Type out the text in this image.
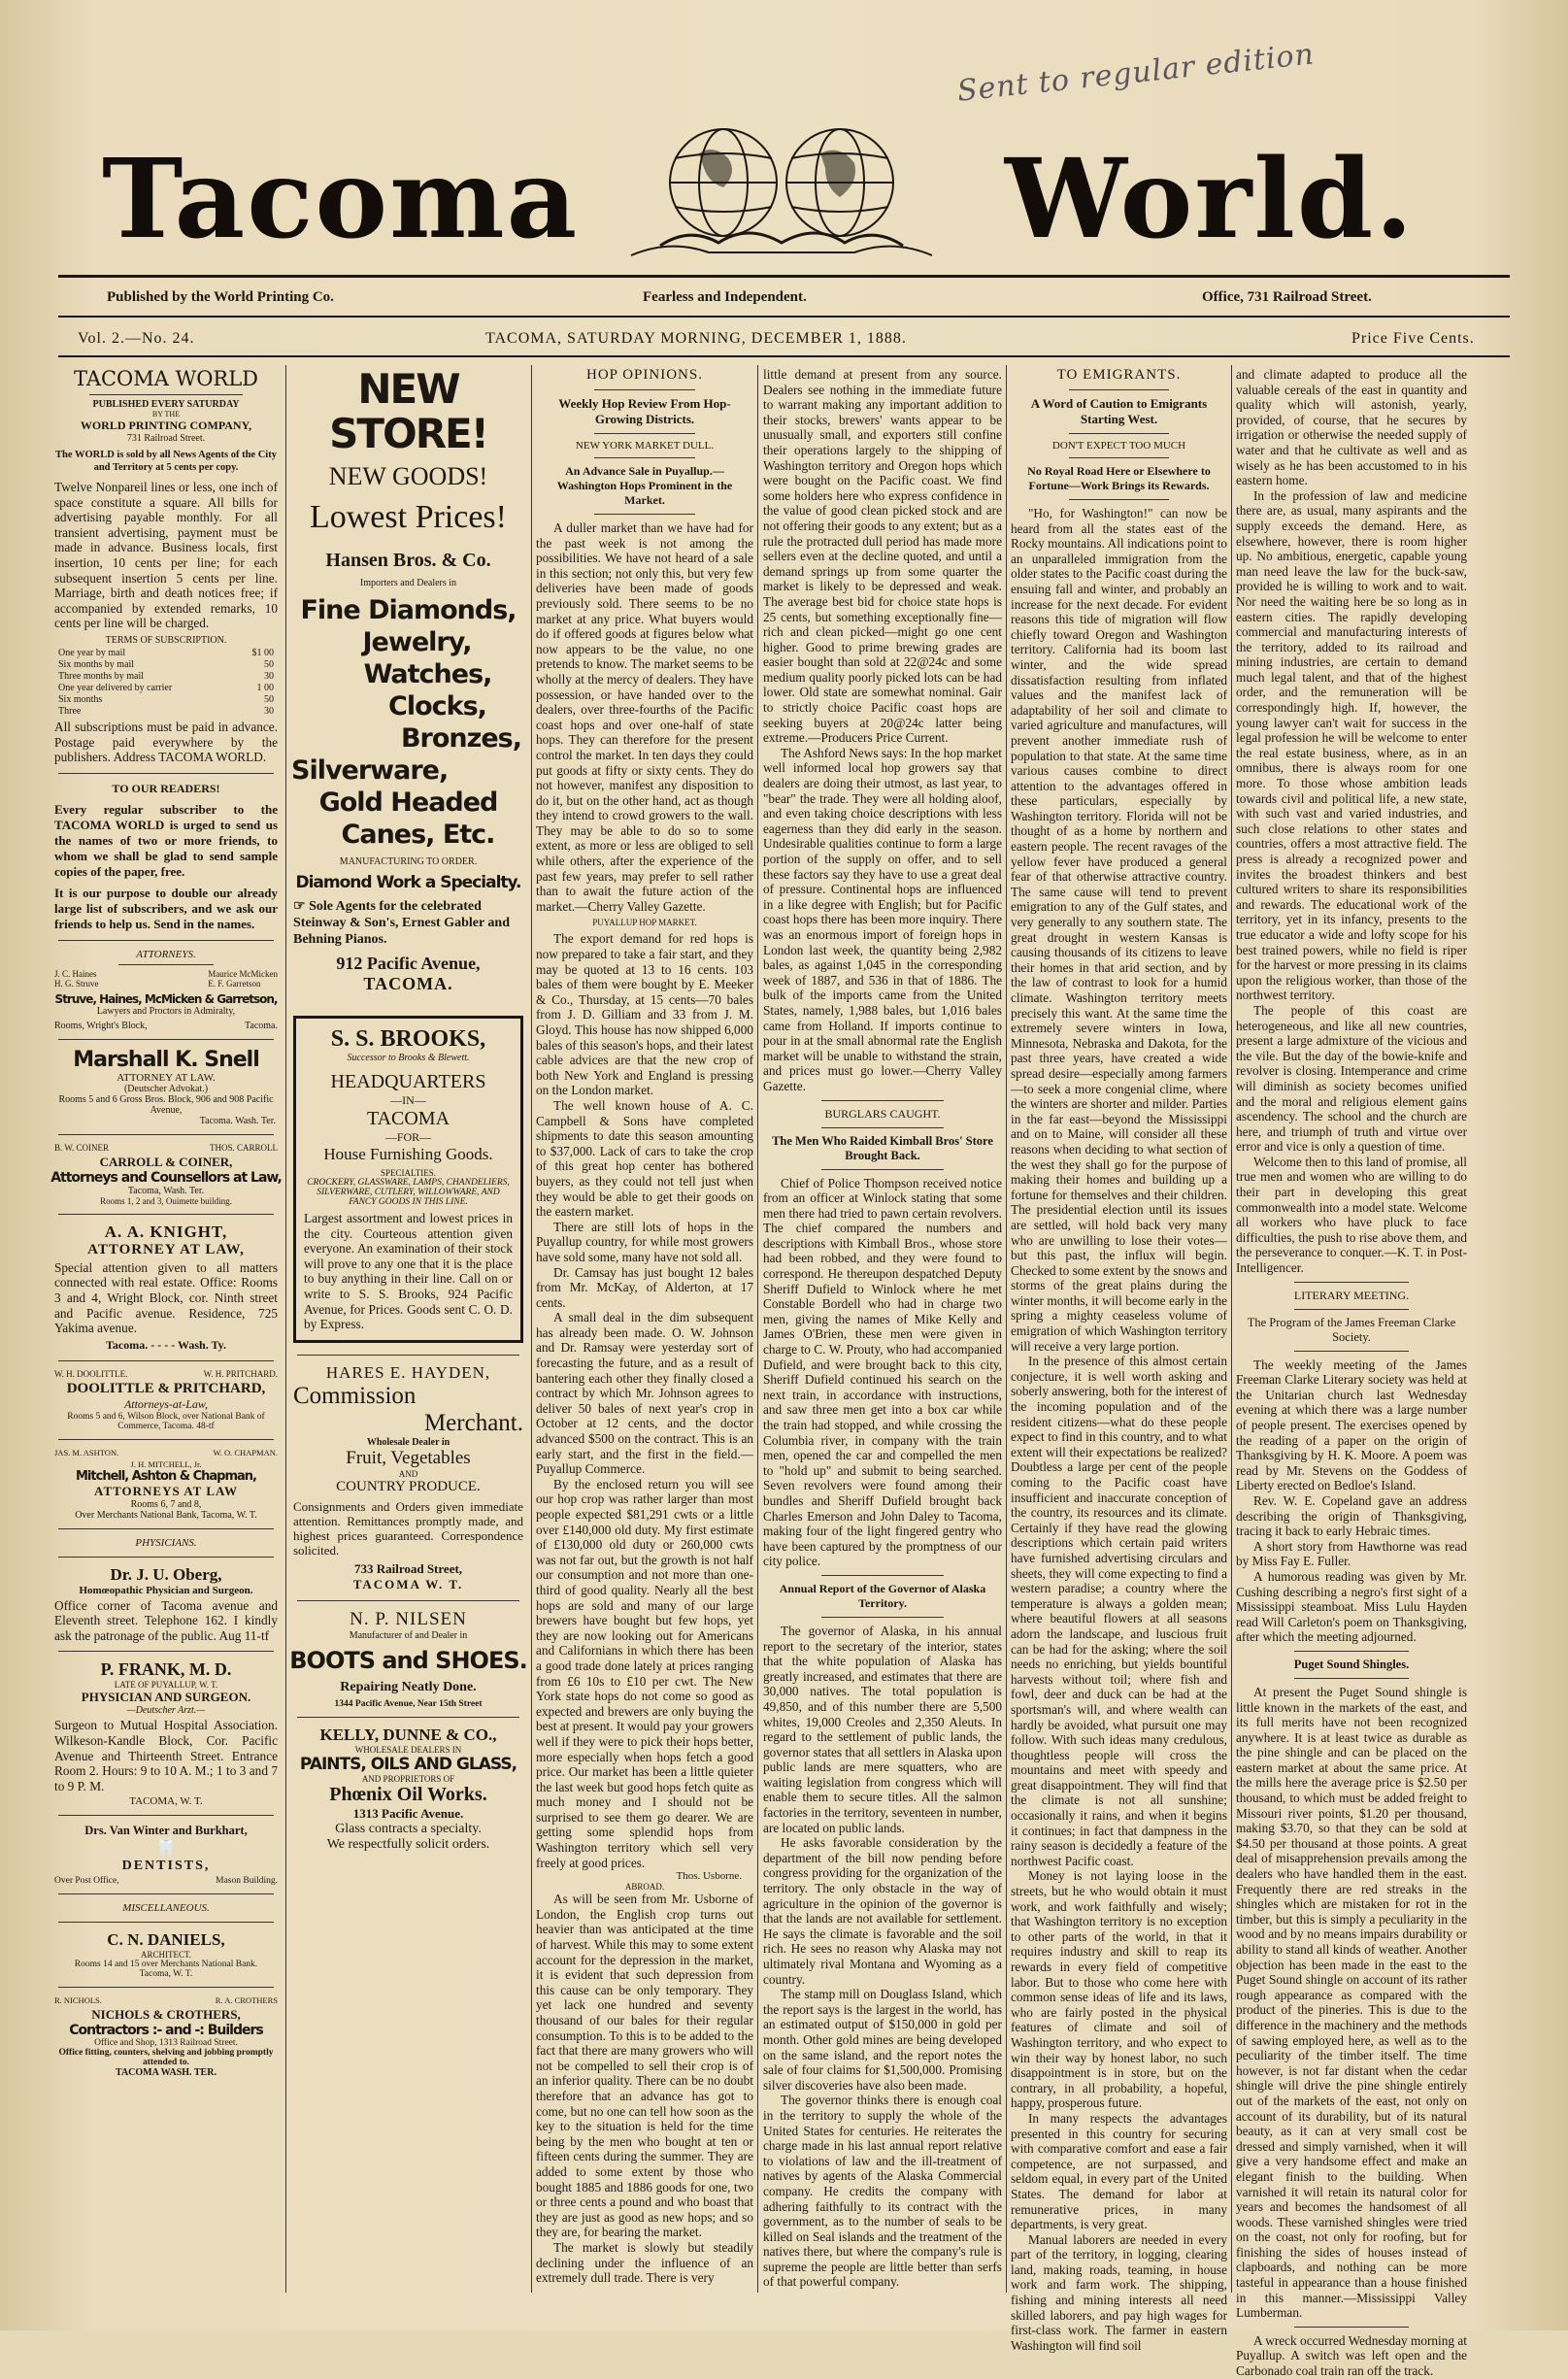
Sent to regular edition
Tacoma	World.
Published by the World Printing Co.	Fearless and Independent.	Office, 731 Railroad Street.
Vol. 2.—No. 24.	TACOMA, SATURDAY MORNING, DECEMBER 1, 1888.	Price Five Cents.
TACOMA WORLD
PUBLISHED EVERY SATURDAY
BY THE
WORLD PRINTING COMPANY,
731 Railroad Street.

The WORLD is sold by all News Agents of the City and Territory at 5 cents per copy.

Twelve Nonpareil lines or less, one inch of space constitute a square. All bills for advertising payable monthly. For all transient advertising, payment must be made in advance. Business locals, first insertion, 10 cents per line; for each subsequent insertion 5 cents per line. Marriage, birth and death notices free; if accompanied by extended remarks, 10 cents per line will be charged.

TERMS OF SUBSCRIPTION.
One year by mail	$1 00
Six months by mail	50
Three months by mail	30
One year delivered by carrier	1 00
Six months	50
Three	30

All subscriptions must be paid in advance. Postage paid everywhere by the publishers. Address TACOMA WORLD.

TO OUR READERS!

Every regular subscriber to the TACOMA WORLD is urged to send us the names of two or more friends, to whom we shall be glad to send sample copies of the paper, free.

It is our purpose to double our already large list of subscribers, and we ask our friends to help us. Send in the names.

ATTORNEYS.
J. C. Haines
H. G. Struve
Maurice McMicken
E. F. Garretson
Struve, Haines, McMicken & Garretson,
Lawyers and Proctors in Admiralty,
Rooms, Wright's Block,	Tacoma.
Marshall K. Snell
ATTORNEY AT LAW.
(Deutscher Advokat.)
Rooms 5 and 6 Gross Bros. Block, 906 and 908 Pacific Avenue,
Tacoma. Wash. Ter.
B. W. COINER	THOS. CARROLL
CARROLL & COINER,
Attorneys and Counsellors at Law,
Tacoma, Wash. Ter.
Rooms 1, 2 and 3, Ouimette building.
A. A. KNIGHT,
ATTORNEY AT LAW,

Special attention given to all matters connected with real estate. Office: Rooms 3 and 4, Wright Block, cor. Ninth street and Pacific avenue. Residence, 725 Yakima avenue.

Tacoma. - - - - Wash. Ty.
W. H. DOOLITTLE.	W. H. PRITCHARD.
DOOLITTLE & PRITCHARD,
Attorneys-at-Law,
Rooms 5 and 6, Wilson Block, over National Bank of Commerce, Tacoma. 48-tf
JAS. M. ASHTON.	W. O. CHAPMAN.
J. H. MITCHELL, Jr.
Mitchell, Ashton & Chapman,
ATTORNEYS AT LAW
Rooms 6, 7 and 8,
Over Merchants National Bank, Tacoma, W. T.
PHYSICIANS.
Dr. J. U. Oberg,
Homœopathic Physician and Surgeon.

Office corner of Tacoma avenue and Eleventh street. Telephone 162. I kindly ask the patronage of the public. Aug 11-tf

P. FRANK, M. D.
LATE OF PUYALLUP, W. T.
PHYSICIAN AND SURGEON.
—Deutscher Arzt.—

Surgeon to Mutual Hospital Association. Wilkeson-Kandle Block, Cor. Pacific Avenue and Thirteenth Street. Entrance Room 2. Hours: 9 to 10 A. M.; 1 to 3 and 7 to 9 P. M.

TACOMA, W. T.
Drs. Van Winter and Burkhart,
🦷
DENTISTS,
Over Post Office,	Mason Building.
MISCELLANEOUS.
C. N. DANIELS,
ARCHITECT.
Rooms 14 and 15 over Merchants National Bank.
Tacoma, W. T.
R. NICHOLS.	R. A. CROTHERS
NICHOLS & CROTHERS,
Contractors :- and -: Builders
Office and Shop, 1313 Railroad Street.
Office fitting, counters, shelving and jobbing promptly attended to.
TACOMA WASH. TER.
NEW STORE!
NEW GOODS!
Lowest Prices!
Hansen Bros. & Co.
Importers and Dealers in
Fine Diamonds,
Jewelry,
Watches,
Clocks,
Bronzes,
Silverware,
Gold Headed
Canes, Etc.
MANUFACTURING TO ORDER.
Diamond Work a Specialty.

☞ Sole Agents for the celebrated Steinway & Son's, Ernest Gabler and Behning Pianos.

912 Pacific Avenue,
TACOMA.
S. S. BROOKS,
Successor to Brooks & Blewett.
HEADQUARTERS
—IN—
TACOMA
—FOR—
House Furnishing Goods.
SPECIALTIES.
CROCKERY, GLASSWARE, LAMPS, CHANDELIERS, SILVERWARE, CUTLERY, WILLOWWARE, AND FANCY GOODS IN THIS LINE.

Largest assortment and lowest prices in the city. Courteous attention given everyone. An examination of their stock will prove to any one that it is the place to buy anything in their line. Call on or write to S. S. Brooks, 924 Pacific Avenue, for Prices. Goods sent C. O. D. by Express.

HARES E. HAYDEN,
Commission
Merchant.
Wholesale Dealer in
Fruit, Vegetables
AND
COUNTRY PRODUCE.

Consignments and Orders given immediate attention. Remittances promptly made, and highest prices guaranteed. Correspondence solicited.

733 Railroad Street,
TACOMA W. T.
N. P. NILSEN
Manufacturer of and Dealer in
BOOTS and SHOES.
Repairing Neatly Done.
1344 Pacific Avenue, Near 15th Street
KELLY, DUNNE & CO.,
WHOLESALE DEALERS IN
PAINTS, OILS AND GLASS,
AND PROPRIETORS OF
Phœnix Oil Works.
1313 Pacific Avenue.
Glass contracts a specialty.
We respectfully solicit orders.
HOP OPINIONS.
Weekly Hop Review From Hop-Growing Districts.
NEW YORK MARKET DULL.
An Advance Sale in Puyallup.—Washington Hops Prominent in the Market.

A duller market than we have had for the past week is not among the possibilities. We have not heard of a sale in this section; not only this, but very few deliveries have been made of goods previously sold. There seems to be no market at any price. What buyers would do if offered goods at figures below what now appears to be the value, no one pretends to know. The market seems to be wholly at the mercy of dealers. They have possession, or have handed over to the dealers, over three-fourths of the Pacific coast hops and over one-half of state hops. They can therefore for the present control the market. In ten days they could put goods at fifty or sixty cents. They do not however, manifest any disposition to do it, but on the other hand, act as though they intend to crowd growers to the wall. They may be able to do so to some extent, as more or less are obliged to sell while others, after the experience of the past few years, may prefer to sell rather than to await the future action of the market.—Cherry Valley Gazette.

PUYALLUP HOP MARKET.

The export demand for red hops is now prepared to take a fair start, and they may be quoted at 13 to 16 cents. 103 bales of them were bought by E. Meeker & Co., Thursday, at 15 cents—70 bales from J. D. Gilliam and 33 from J. M. Gloyd. This house has now shipped 6,000 bales of this season's hops, and their latest cable advices are that the new crop of both New York and England is pressing on the London market.

The well known house of A. C. Campbell & Sons have completed shipments to date this season amounting to $37,000. Lack of cars to take the crop of this great hop center has bothered buyers, as they could not tell just when they would be able to get their goods on the eastern market.

There are still lots of hops in the Puyallup country, for while most growers have sold some, many have not sold all.

Dr. Camsay has just bought 12 bales from Mr. McKay, of Alderton, at 17 cents.

A small deal in the dim subsequent has already been made. O. W. Johnson and Dr. Ramsay were yesterday sort of forecasting the future, and as a result of bantering each other they finally closed a contract by which Mr. Johnson agrees to deliver 50 bales of next year's crop in October at 12 cents, and the doctor advanced $500 on the contract. This is an early start, and the first in the field.—Puyallup Commerce.

By the enclosed return you will see our hop crop was rather larger than most people expected $81,291 cwts or a little over £140,000 old duty. My first estimate of £130,000 old duty or 260,000 cwts was not far out, but the growth is not half our consumption and not more than one-third of good quality. Nearly all the best hops are sold and many of our large brewers have bought but few hops, yet they are now looking out for Americans and Californians in which there has been a good trade done lately at prices ranging from £6 10s to £10 per cwt. The New York state hops do not come so good as expected and brewers are only buying the best at present. It would pay your growers well if they were to pick their hops better, more especially when hops fetch a good price. Our market has been a little quieter the last week but good hops fetch quite as much money and I should not be surprised to see them go dearer. We are getting some splendid hops from Washington territory which sell very freely at good prices.

Thos. Usborne.
ABROAD.

As will be seen from Mr. Usborne of London, the English crop turns out heavier than was anticipated at the time of harvest. While this may to some extent account for the depression in the market, it is evident that such depression from this cause can be only temporary. They yet lack one hundred and seventy thousand of our bales for their regular consumption. To this is to be added to the fact that there are many growers who will not be compelled to sell their crop is of an inferior quality. There can be no doubt therefore that an advance has got to come, but no one can tell how soon as the key to the situation is held for the time being by the men who bought at ten or fifteen cents during the summer. They are added to some extent by those who bought 1885 and 1886 goods for one, two or three cents a pound and who boast that they are just as good as new hops; and so they are, for bearing the market.

The market is slowly but steadily declining under the influence of an extremely dull trade. There is very

little demand at present from any source. Dealers see nothing in the immediate future to warrant making any important addition to their stocks, brewers' wants appear to be unusually small, and exporters still confine their operations largely to the shipping of Washington territory and Oregon hops which were bought on the Pacific coast. We find some holders here who express confidence in the value of good clean picked stock and are not offering their goods to any extent; but as a rule the protracted dull period has made more sellers even at the decline quoted, and until a demand springs up from some quarter the market is likely to be depressed and weak. The average best bid for choice state hops is 25 cents, but something exceptionally fine—rich and clean picked—might go one cent higher. Good to prime brewing grades are easier bought than sold at 22@24c and some medium quality poorly picked lots can be had lower. Old state are somewhat nominal. Gair to strictly choice Pacific coast hops are seeking buyers at 20@24c latter being extreme.—Producers Price Current.

The Ashford News says: In the hop market well informed local hop growers say that dealers are doing their utmost, as last year, to "bear" the trade. They were all holding aloof, and even taking choice descriptions with less eagerness than they did early in the season. Undesirable qualities continue to form a large portion of the supply on offer, and to sell these factors say they have to use a great deal of pressure. Continental hops are influenced in a like degree with English; but for Pacific coast hops there has been more inquiry. There was an enormous import of foreign hops in London last week, the quantity being 2,982 bales, as against 1,045 in the corresponding week of 1887, and 536 in that of 1886. The bulk of the imports came from the United States, namely, 1,988 bales, but 1,016 bales came from Holland. If imports continue to pour in at the small abnormal rate the English market will be unable to withstand the strain, and prices must go lower.—Cherry Valley Gazette.

BURGLARS CAUGHT.
The Men Who Raided Kimball Bros' Store Brought Back.

Chief of Police Thompson received notice from an officer at Winlock stating that some men there had tried to pawn certain revolvers. The chief compared the numbers and descriptions with Kimball Bros., whose store had been robbed, and they were found to correspond. He thereupon despatched Deputy Sheriff Dufield to Winlock where he met Constable Bordell who had in charge two men, giving the names of Mike Kelly and James O'Brien, these men were given in charge to C. W. Prouty, who had accompanied Dufield, and were brought back to this city, Sheriff Dufield continued his search on the next train, in accordance with instructions, and saw three men get into a box car while the train had stopped, and while crossing the Columbia river, in company with the train men, opened the car and compelled the men to "hold up" and submit to being searched. Seven revolvers were found among their bundles and Sheriff Dufield brought back Charles Emerson and John Daley to Tacoma, making four of the light fingered gentry who have been captured by the promptness of our city police.

Annual Report of the Governor of Alaska Territory.

The governor of Alaska, in his annual report to the secretary of the interior, states that the white population of Alaska has greatly increased, and estimates that there are 30,000 natives. The total population is 49,850, and of this number there are 5,500 whites, 19,000 Creoles and 2,350 Aleuts. In regard to the settlement of public lands, the governor states that all settlers in Alaska upon public lands are mere squatters, who are waiting legislation from congress which will enable them to secure titles. All the salmon factories in the territory, seventeen in number, are located on public lands.

He asks favorable consideration by the department of the bill now pending before congress providing for the organization of the territory. The only obstacle in the way of agriculture in the opinion of the governor is that the lands are not available for settlement. He says the climate is favorable and the soil rich. He sees no reason why Alaska may not ultimately rival Montana and Wyoming as a country.

The stamp mill on Douglass Island, which the report says is the largest in the world, has an estimated output of $150,000 in gold per month. Other gold mines are being developed on the same island, and the report notes the sale of four claims for $1,500,000. Promising silver discoveries have also been made.

The governor thinks there is enough coal in the territory to supply the whole of the United States for centuries. He reiterates the charge made in his last annual report relative to violations of law and the ill-treatment of natives by agents of the Alaska Commercial company. He credits the company with adhering faithfully to its contract with the government, as to the number of seals to be killed on Seal islands and the treatment of the natives there, but where the company's rule is supreme the people are little better than serfs of that powerful company.

TO EMIGRANTS.
A Word of Caution to Emigrants Starting West.
DON'T EXPECT TOO MUCH
No Royal Road Here or Elsewhere to Fortune—Work Brings its Rewards.

"Ho, for Washington!" can now be heard from all the states east of the Rocky mountains. All indications point to an unparalleled immigration from the older states to the Pacific coast during the ensuing fall and winter, and probably an increase for the next decade. For evident reasons this tide of migration will flow chiefly toward Oregon and Washington territory. California had its boom last winter, and the wide spread dissatisfaction resulting from inflated values and the manifest lack of adaptability of her soil and climate to varied agriculture and manufactures, will prevent another immediate rush of population to that state. At the same time various causes combine to direct attention to the advantages offered in these particulars, especially by Washington territory. Florida will not be thought of as a home by northern and eastern people. The recent ravages of the yellow fever have produced a general fear of that otherwise attractive country. The same cause will tend to prevent emigration to any of the Gulf states, and very generally to any southern state. The great drought in western Kansas is causing thousands of its citizens to leave their homes in that arid section, and by the law of contrast to look for a humid climate. Washington territory meets precisely this want. At the same time the extremely severe winters in Iowa, Minnesota, Nebraska and Dakota, for the past three years, have created a wide spread desire—especially among farmers—to seek a more congenial clime, where the winters are shorter and milder. Parties in the far east—beyond the Mississippi and on to Maine, will consider all these reasons when deciding to what section of the west they shall go for the purpose of making their homes and building up a fortune for themselves and their children. The presidential election until its issues are settled, will hold back very many who are unwilling to lose their votes—but this past, the influx will begin. Checked to some extent by the snows and storms of the great plains during the winter months, it will become early in the spring a mighty ceaseless volume of emigration of which Washington territory will receive a very large portion.

In the presence of this almost certain conjecture, it is well worth asking and soberly answering, both for the interest of the incoming population and of the resident citizens—what do these people expect to find in this country, and to what extent will their expectations be realized? Doubtless a large per cent of the people coming to the Pacific coast have insufficient and inaccurate conception of the country, its resources and its climate. Certainly if they have read the glowing descriptions which certain paid writers have furnished advertising circulars and sheets, they will come expecting to find a western paradise; a country where the temperature is always a golden mean; where beautiful flowers at all seasons adorn the landscape, and luscious fruit can be had for the asking; where the soil needs no enriching, but yields bountiful harvests without toil; where fish and fowl, deer and duck can be had at the sportsman's will, and where wealth can hardly be avoided, what pursuit one may follow. With such ideas many credulous, thoughtless people will cross the mountains and meet with speedy and great disappointment. They will find that the climate is not all sunshine; occasionally it rains, and when it begins it continues; in fact that dampness in the rainy season is decidedly a feature of the northwest Pacific coast.

Money is not laying loose in the streets, but he who would obtain it must work, and work faithfully and wisely; that Washington territory is no exception to other parts of the world, in that it requires industry and skill to reap its rewards in every field of competitive labor. But to those who come here with common sense ideas of life and its laws, who are fairly posted in the physical features of climate and soil of Washington territory, and who expect to win their way by honest labor, no such disappointment is in store, but on the contrary, in all probability, a hopeful, happy, prosperous future.

In many respects the advantages presented in this country for securing with comparative comfort and ease a fair competence, are not surpassed, and seldom equal, in every part of the United States. The demand for labor at remunerative prices, in many departments, is very great.

Manual laborers are needed in every part of the territory, in logging, clearing land, making roads, teaming, in house work and farm work. The shipping, fishing and mining interests all need skilled laborers, and pay high wages for first-class work. The farmer in eastern Washington will find soil

and climate adapted to produce all the valuable cereals of the east in quantity and quality which will astonish, yearly, provided, of course, that he secures by irrigation or otherwise the needed supply of water and that he cultivate as well and as wisely as he has been accustomed to in his eastern home.

In the profession of law and medicine there are, as usual, many aspirants and the supply exceeds the demand. Here, as elsewhere, however, there is room higher up. No ambitious, energetic, capable young man need leave the law for the buck-saw, provided he is willing to work and to wait. Nor need the waiting here be so long as in eastern cities. The rapidly developing commercial and manufacturing interests of the territory, added to its railroad and mining industries, are certain to demand much legal talent, and that of the highest order, and the remuneration will be correspondingly high. If, however, the young lawyer can't wait for success in the legal profession he will be welcome to enter the real estate business, where, as in an omnibus, there is always room for one more. To those whose ambition leads towards civil and political life, a new state, with such vast and varied industries, and such close relations to other states and countries, offers a most attractive field. The press is already a recognized power and invites the broadest thinkers and best cultured writers to share its responsibilities and rewards. The educational work of the territory, yet in its infancy, presents to the true educator a wide and lofty scope for his best trained powers, while no field is riper for the harvest or more pressing in its claims upon the religious worker, than those of the northwest territory.

The people of this coast are heterogeneous, and like all new countries, present a large admixture of the vicious and the vile. But the day of the bowie-knife and revolver is closing. Intemperance and crime will diminish as society becomes unified and the moral and religious element gains ascendency. The school and the church are here, and triumph of truth and virtue over error and vice is only a question of time.

Welcome then to this land of promise, all true men and women who are willing to do their part in developing this great commonwealth into a model state. Welcome all workers who have pluck to face difficulties, the push to rise above them, and the perseverance to conquer.—K. T. in Post-Intelligencer.

LITERARY MEETING.
The Program of the James Freeman Clarke Society.

The weekly meeting of the James Freeman Clarke Literary society was held at the Unitarian church last Wednesday evening at which there was a large number of people present. The exercises opened by the reading of a paper on the origin of Thanksgiving by H. K. Moore. A poem was read by Mr. Stevens on the Goddess of Liberty erected on Bedloe's Island.

Rev. W. E. Copeland gave an address describing the origin of Thanksgiving, tracing it back to early Hebraic times.

A short story from Hawthorne was read by Miss Fay E. Fuller.

A humorous reading was given by Mr. Cushing describing a negro's first sight of a Mississippi steamboat. Miss Lulu Hayden read Will Carleton's poem on Thanksgiving, after which the meeting adjourned.

Puget Sound Shingles.

At present the Puget Sound shingle is little known in the markets of the east, and its full merits have not been recognized anywhere. It is at least twice as durable as the pine shingle and can be placed on the eastern market at about the same price. At the mills here the average price is $2.50 per thousand, to which must be added freight to Missouri river points, $1.20 per thousand, making $3.70, so that they can be sold at $4.50 per thousand at those points. A great deal of misapprehension prevails among the dealers who have handled them in the east. Frequently there are red streaks in the shingles which are mistaken for rot in the timber, but this is simply a peculiarity in the wood and by no means impairs durability or ability to stand all kinds of weather. Another objection has been made in the east to the Puget Sound shingle on account of its rather rough appearance as compared with the product of the pineries. This is due to the difference in the machinery and the methods of sawing employed here, as well as to the peculiarity of the timber itself. The time however, is not far distant when the cedar shingle will drive the pine shingle entirely out of the markets of the east, not only on account of its durability, but of its natural beauty, as it can at very small cost be dressed and simply varnished, when it will give a very handsome effect and make an elegant finish to the building. When varnished it will retain its natural color for years and becomes the handsomest of all woods. These varnished shingles were tried on the coast, not only for roofing, but for finishing the sides of houses instead of clapboards, and nothing can be more tasteful in appearance than a house finished in this manner.—Mississippi Valley Lumberman.

A wreck occurred Wednesday morning at Puyallup. A switch was left open and the Carbonado coal train ran off the track.
